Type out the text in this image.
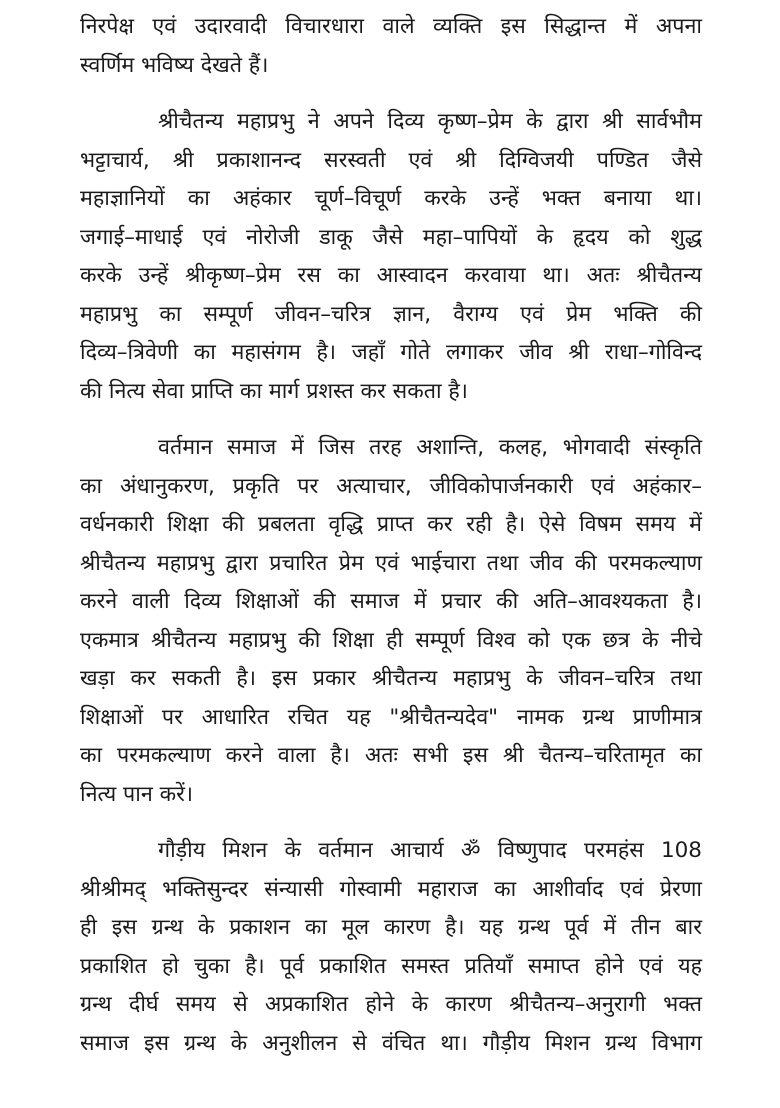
निरपेक्ष एवं उदारवादी विचारधारा वाले व्यक्ति इस सिद्धान्त में अपना
स्वर्णिम भविष्य देखते हैं।
श्रीचैतन्य महाप्रभु ने अपने दिव्य कृष्ण–प्रेम के द्वारा श्री सार्वभौम
भट्टाचार्य, श्री प्रकाशानन्द सरस्वती एवं श्री दिग्विजयी पण्डित जैसे
महाज्ञानियों का अहंकार चूर्ण–विचूर्ण करके उन्हें भक्त बनाया था।
जगाई–माधाई एवं नोरोजी डाकू जैसे महा–पापियों के हृदय को शुद्ध
करके उन्हें श्रीकृष्ण–प्रेम रस का आस्वादन करवाया था। अतः श्रीचैतन्य
महाप्रभु का सम्पूर्ण जीवन–चरित्र ज्ञान, वैराग्य एवं प्रेम भक्ति की
दिव्य–त्रिवेणी का महासंगम है। जहाँ गोते लगाकर जीव श्री राधा–गोविन्द
की नित्य सेवा प्राप्ति का मार्ग प्रशस्त कर सकता है।
वर्तमान समाज में जिस तरह अशान्ति, कलह, भोगवादी संस्कृति
का अंधानुकरण, प्रकृति पर अत्याचार, जीविकोपार्जनकारी एवं अहंकार–
वर्धनकारी शिक्षा की प्रबलता वृद्धि प्राप्त कर रही है। ऐसे विषम समय में
श्रीचैतन्य महाप्रभु द्वारा प्रचारित प्रेम एवं भाईचारा तथा जीव की परमकल्याण
करने वाली दिव्य शिक्षाओं की समाज में प्रचार की अति–आवश्यकता है।
एकमात्र श्रीचैतन्य महाप्रभु की शिक्षा ही सम्पूर्ण विश्व को एक छत्र के नीचे
खड़ा कर सकती है। इस प्रकार श्रीचैतन्य महाप्रभु के जीवन–चरित्र तथा
शिक्षाओं पर आधारित रचित यह "श्रीचैतन्यदेव" नामक ग्रन्थ प्राणीमात्र
का परमकल्याण करने वाला है। अतः सभी इस श्री चैतन्य–चरितामृत का
नित्य पान करें।
गौड़ीय मिशन के वर्तमान आचार्य ॐ विष्णुपाद परमहंस 108
श्रीश्रीमद् भक्तिसुन्दर संन्यासी गोस्वामी महाराज का आशीर्वाद एवं प्रेरणा
ही इस ग्रन्थ के प्रकाशन का मूल कारण है। यह ग्रन्थ पूर्व में तीन बार
प्रकाशित हो चुका है। पूर्व प्रकाशित समस्त प्रतियाँ समाप्त होने एवं यह
ग्रन्थ दीर्घ समय से अप्रकाशित होने के कारण श्रीचैतन्य–अनुरागी भक्त
समाज इस ग्रन्थ के अनुशीलन से वंचित था। गौड़ीय मिशन ग्रन्थ विभाग
